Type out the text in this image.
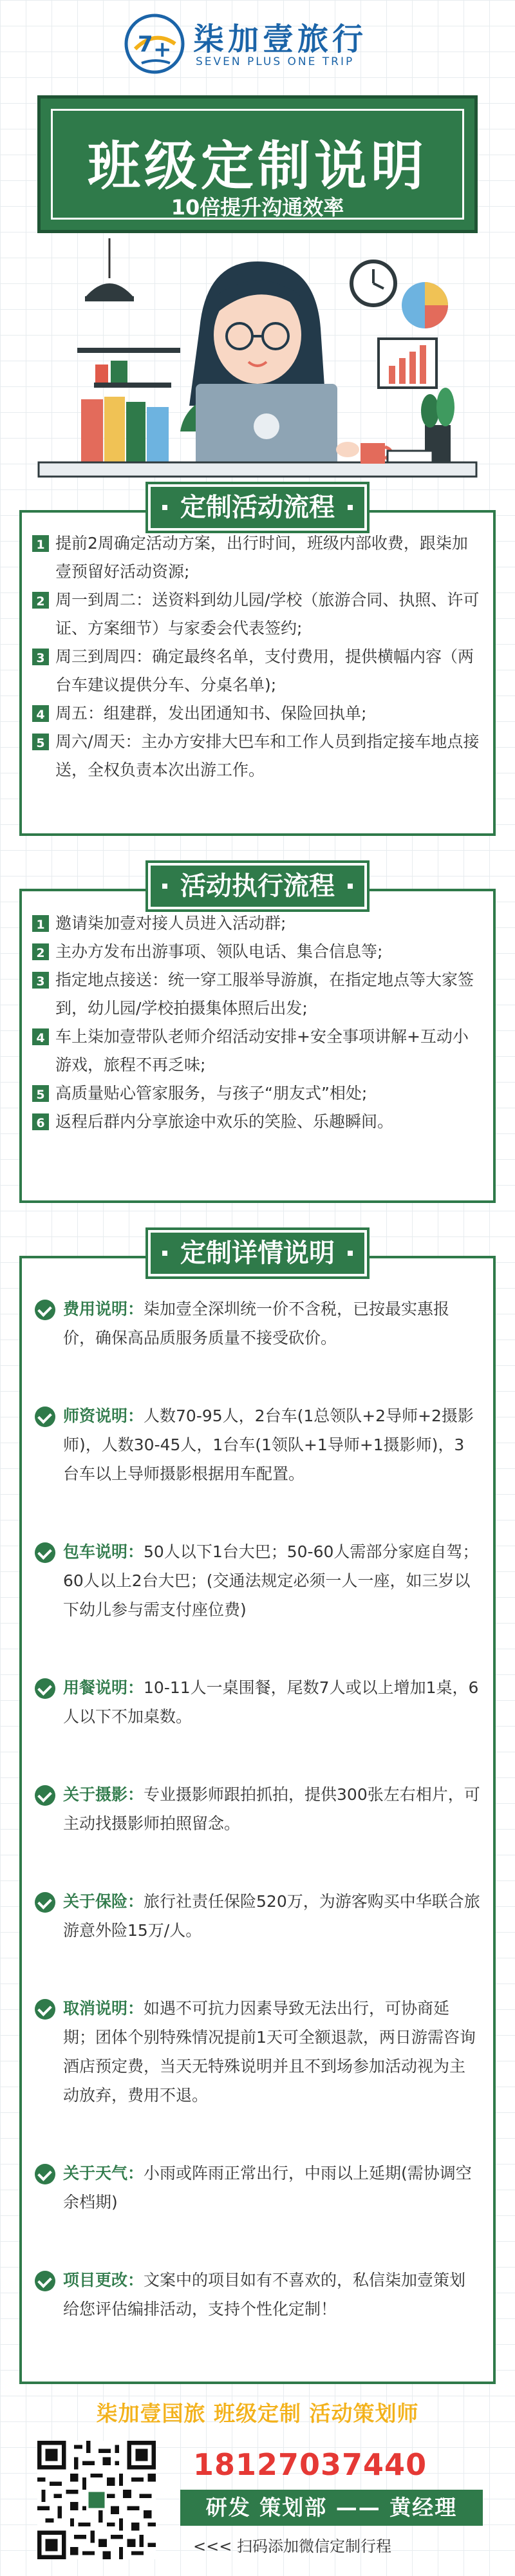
7 + 柒加壹旅行
SEVEN PLUS ONE TRIP
班级定制说明
10倍提升沟通效率
定制活动流程
1 提前2周确定活动方案，出行时间，班级内部收费，跟柒加壹预留好活动资源;
2 周一到周二：送资料到幼儿园/学校（旅游合同、执照、许可证、方案细节）与家委会代表签约;
3 周三到周四：确定最终名单，支付费用，提供横幅内容（两台车建议提供分车、分桌名单);
4 周五：组建群，发出团通知书、保险回执单;
5 周六/周天：主办方安排大巴车和工作人员到指定接车地点接送，全权负责本次出游工作。
活动执行流程
1 邀请柒加壹对接人员进入活动群;
2 主办方发布出游事项、领队电话、集合信息等;
3 指定地点接送：统一穿工服举导游旗，在指定地点等大家签到，幼儿园/学校拍摄集体照后出发;
4 车上柒加壹带队老师介绍活动安排+安全事项讲解+互动小游戏，旅程不再乏味;
5 高质量贴心管家服务，与孩子“朋友式”相处;
6 返程后群内分享旅途中欢乐的笑脸、乐趣瞬间。
定制详情说明
费用说明：柒加壹全深圳统一价不含税，已按最实惠报价，确保高品质服务质量不接受砍价。
师资说明：人数70-95人，2台车(1总领队+2导师+2摄影师)，人数30-45人，1台车(1领队+1导师+1摄影师)，3台车以上导师摄影根据用车配置。
包车说明：50人以下1台大巴；50-60人需部分家庭自驾；60人以上2台大巴；(交通法规定必须一人一座，如三岁以下幼儿参与需支付座位费)
用餐说明：10-11人一桌围餐，尾数7人或以上增加1桌，6人以下不加桌数。
关于摄影：专业摄影师跟拍抓拍，提供300张左右相片，可主动找摄影师拍照留念。
关于保险：旅行社责任保险520万，为游客购买中华联合旅游意外险15万/人。
取消说明：如遇不可抗力因素导致无法出行，可协商延期；团体个别特殊情况提前1天可全额退款，两日游需咨询酒店预定费，当天无特殊说明并且不到场参加活动视为主动放弃，费用不退。
关于天气：小雨或阵雨正常出行，中雨以上延期(需协调空余档期)
项目更改：文案中的项目如有不喜欢的，私信柒加壹策划给您评估编排活动，支持个性化定制！
柒加壹国旅 班级定制 活动策划师
18127037440
研发 策划部 —— 黄经理
<<< 扫码添加微信定制行程
